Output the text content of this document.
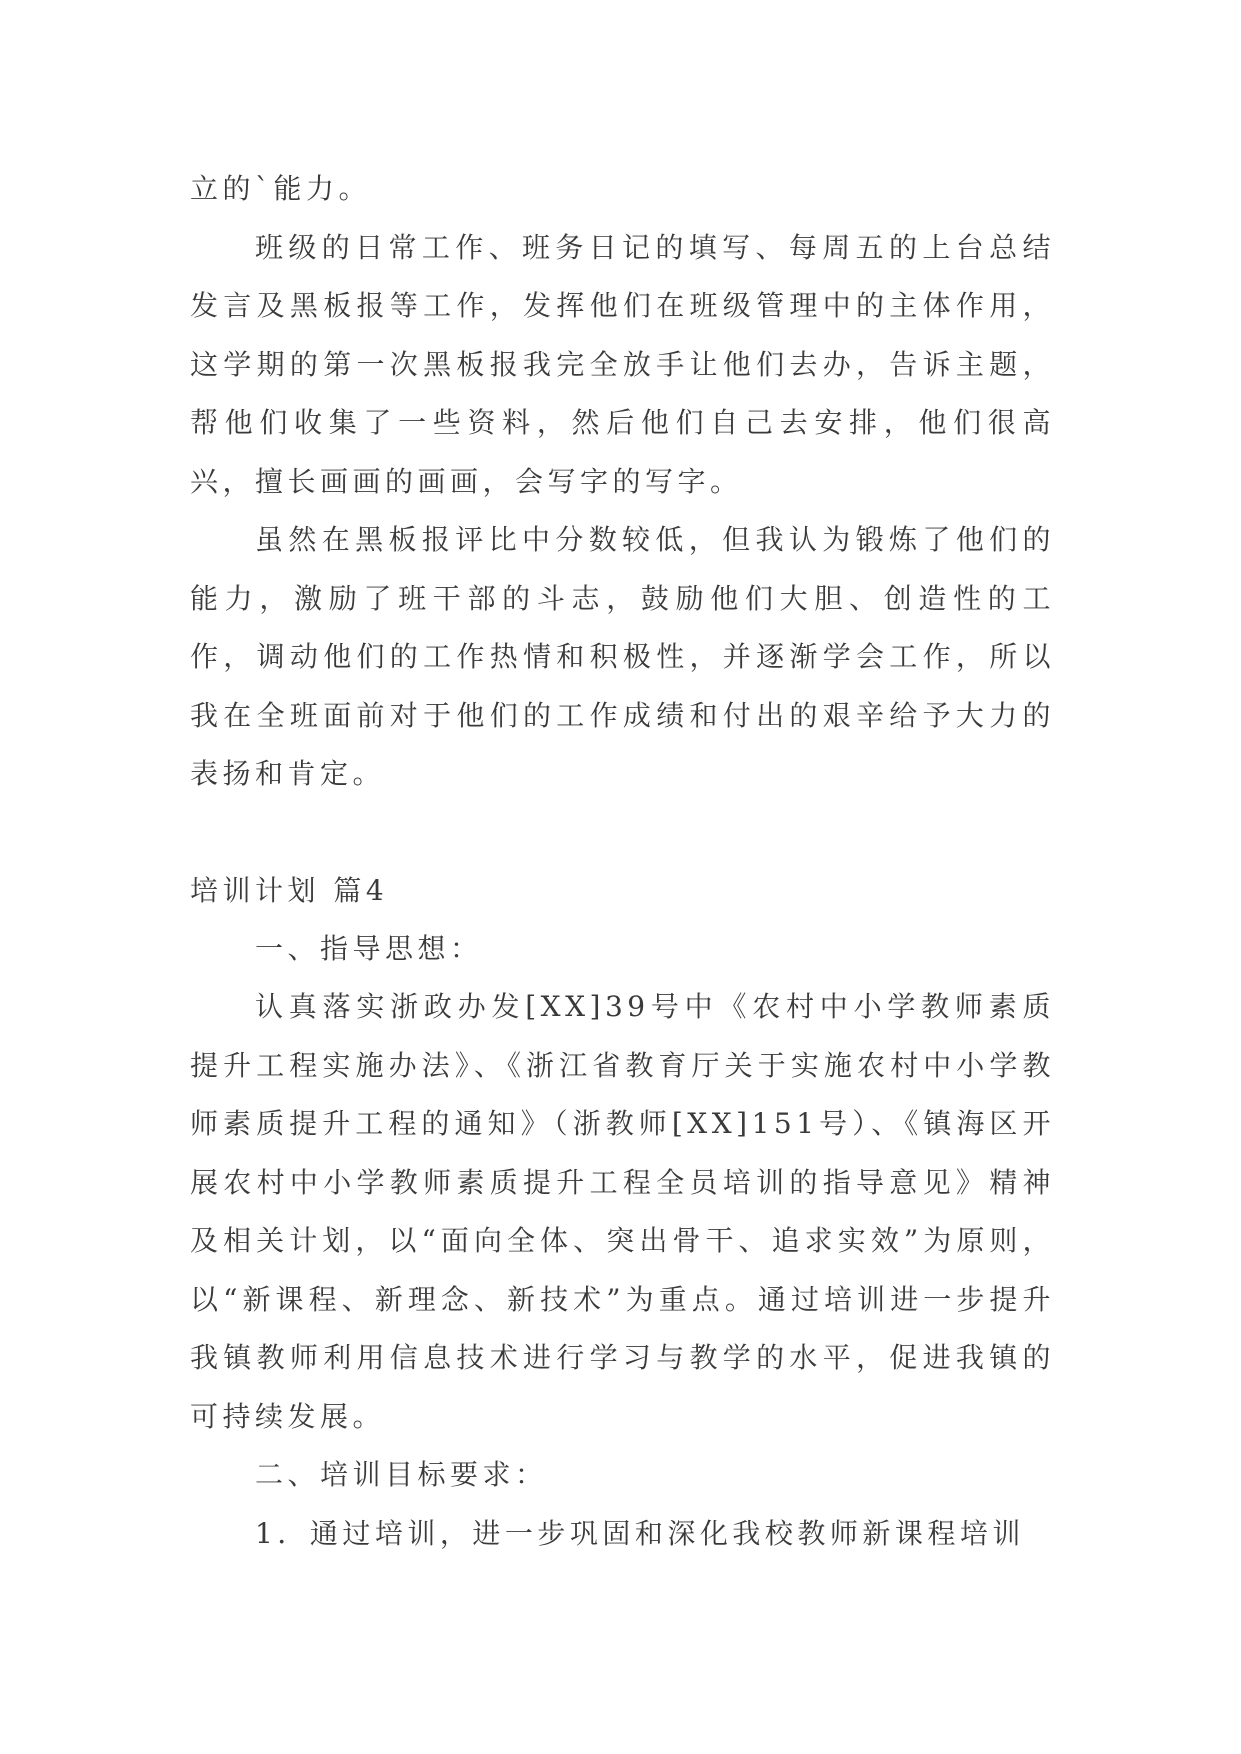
立的`能力。

班级的日常工作、班务日记的填写、每周五的上台总结发言及黑板报等工作，发挥他们在班级管理中的主体作用，这学期的第一次黑板报我完全放手让他们去办，告诉主题，帮他们收集了一些资料，然后他们自己去安排，他们很高兴，擅长画画的画画，会写字的写字。

虽然在黑板报评比中分数较低，但我认为锻炼了他们的能力，激励了班干部的斗志，鼓励他们大胆、创造性的工作，调动他们的工作热情和积极性，并逐渐学会工作，所以我在全班面前对于他们的工作成绩和付出的艰辛给予大力的表扬和肯定。

培训计划 篇4

一、指导思想：

认真落实浙政办发[XX]39号中《农村中小学教师素质提升工程实施办法》、《浙江省教育厅关于实施农村中小学教师素质提升工程的通知》（浙教师[XX]151号）、《镇海区开展农村中小学教师素质提升工程全员培训的指导意见》精神及相关计划，以“面向全体、突出骨干、追求实效”为原则，以“新课程、新理念、新技术”为重点。通过培训进一步提升我镇教师利用信息技术进行学习与教学的水平，促进我镇的可持续发展。

二、培训目标要求：

1．通过培训，进一步巩固和深化我校教师新课程培训
